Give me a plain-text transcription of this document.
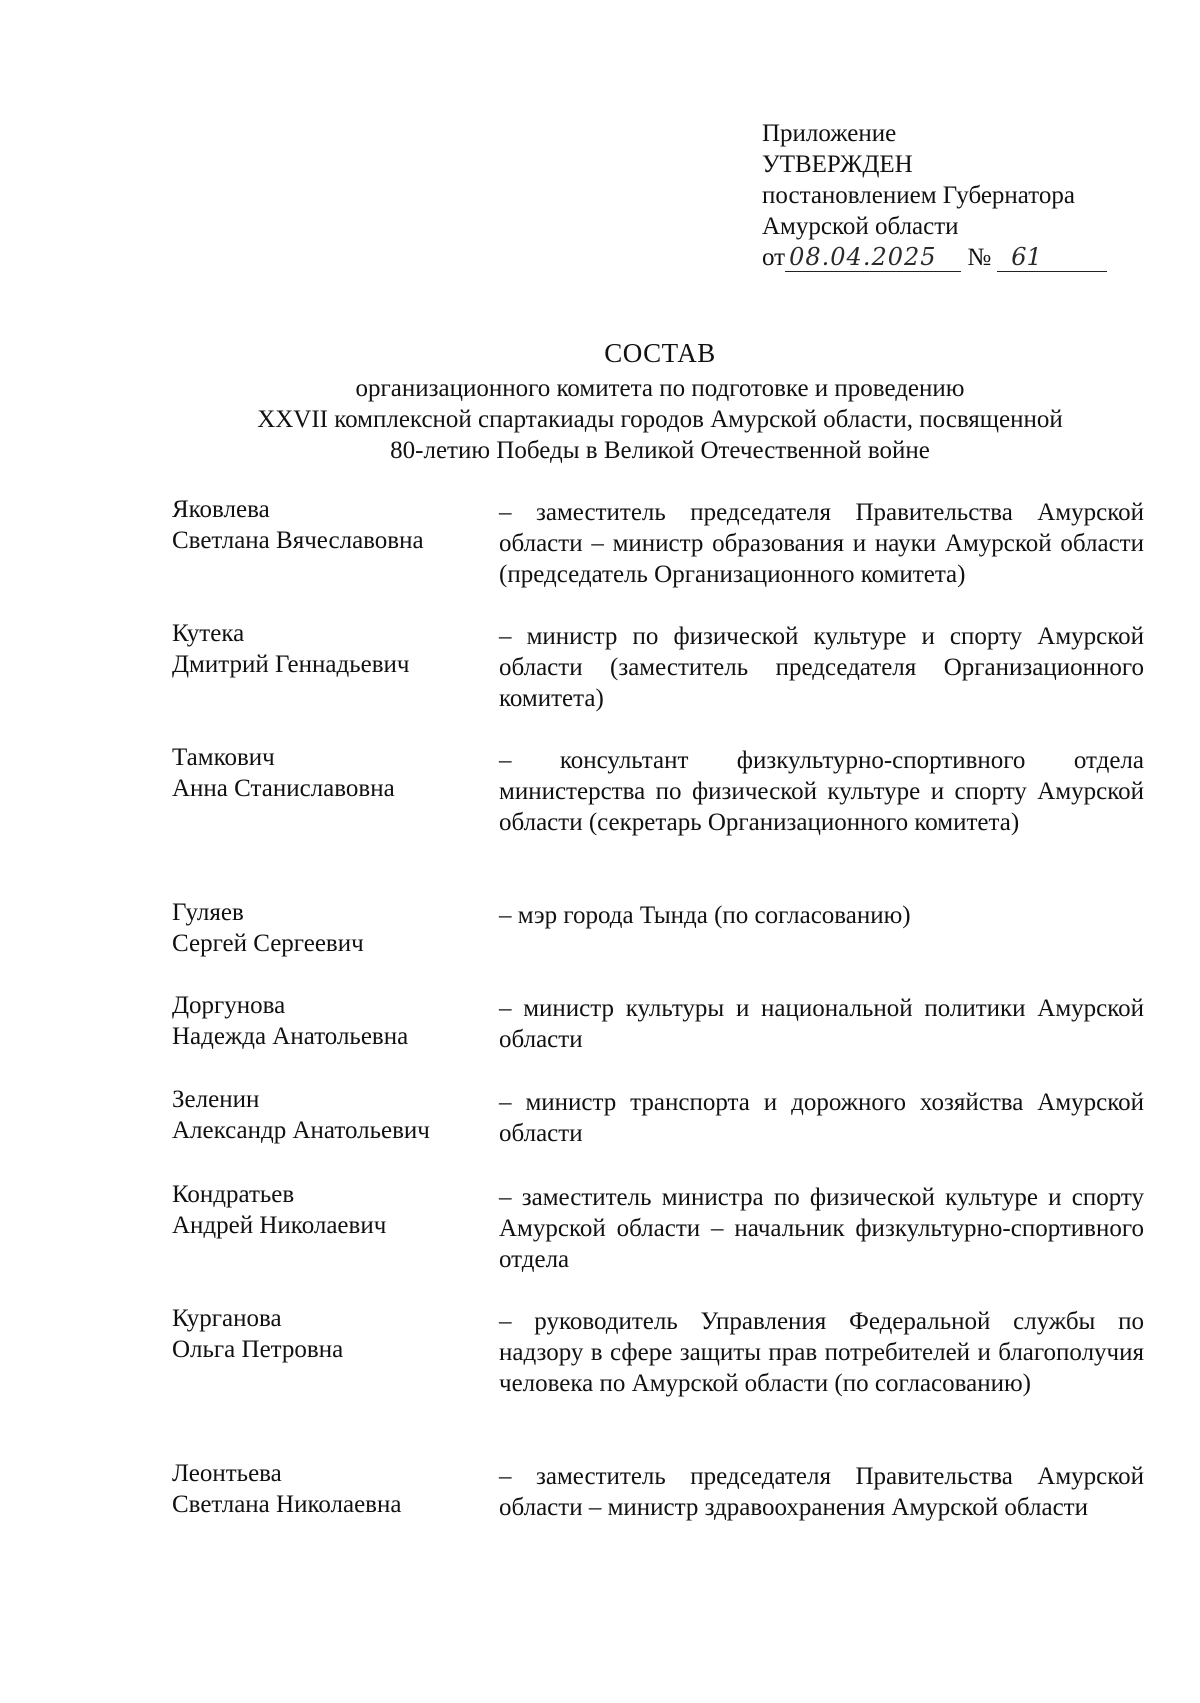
Приложение
УТВЕРЖДЕН
постановлением Губернатора
Амурской области
от 08.04.2025 № 61
СОСТАВ
организационного комитета по подготовке и проведению
XXVII комплексной спартакиады городов Амурской области, посвященной
80-летию Победы в Великой Отечественной войне
Яковлева
Светлана Вячеславовна
– заместитель председателя Правительства Амурской области – министр образования и науки Амурской области (председатель Организационного комитета)
Кутека
Дмитрий Геннадьевич
– министр по физической культуре и спорту Амурской области (заместитель председателя Организационного комитета)
Тамкович
Анна Станиславовна
– консультант физкультурно-спортивного отдела министерства по физической культуре и спорту Амурской области (секретарь Организационного комитета)
Гуляев
Сергей Сергеевич
– мэр города Тында (по согласованию)
Доргунова
Надежда Анатольевна
– министр культуры и национальной политики Амурской области
Зеленин
Александр Анатольевич
– министр транспорта и дорожного хозяйства Амурской области
Кондратьев
Андрей Николаевич
– заместитель министра по физической культуре и спорту Амурской области – начальник физкультурно-спортивного отдела
Курганова
Ольга Петровна
– руководитель Управления Федеральной службы по надзору в сфере защиты прав потребителей и благополучия человека по Амурской области (по согласованию)
Леонтьева
Светлана Николаевна
– заместитель председателя Правительства Амурской области – министр здравоохранения Амурской области
